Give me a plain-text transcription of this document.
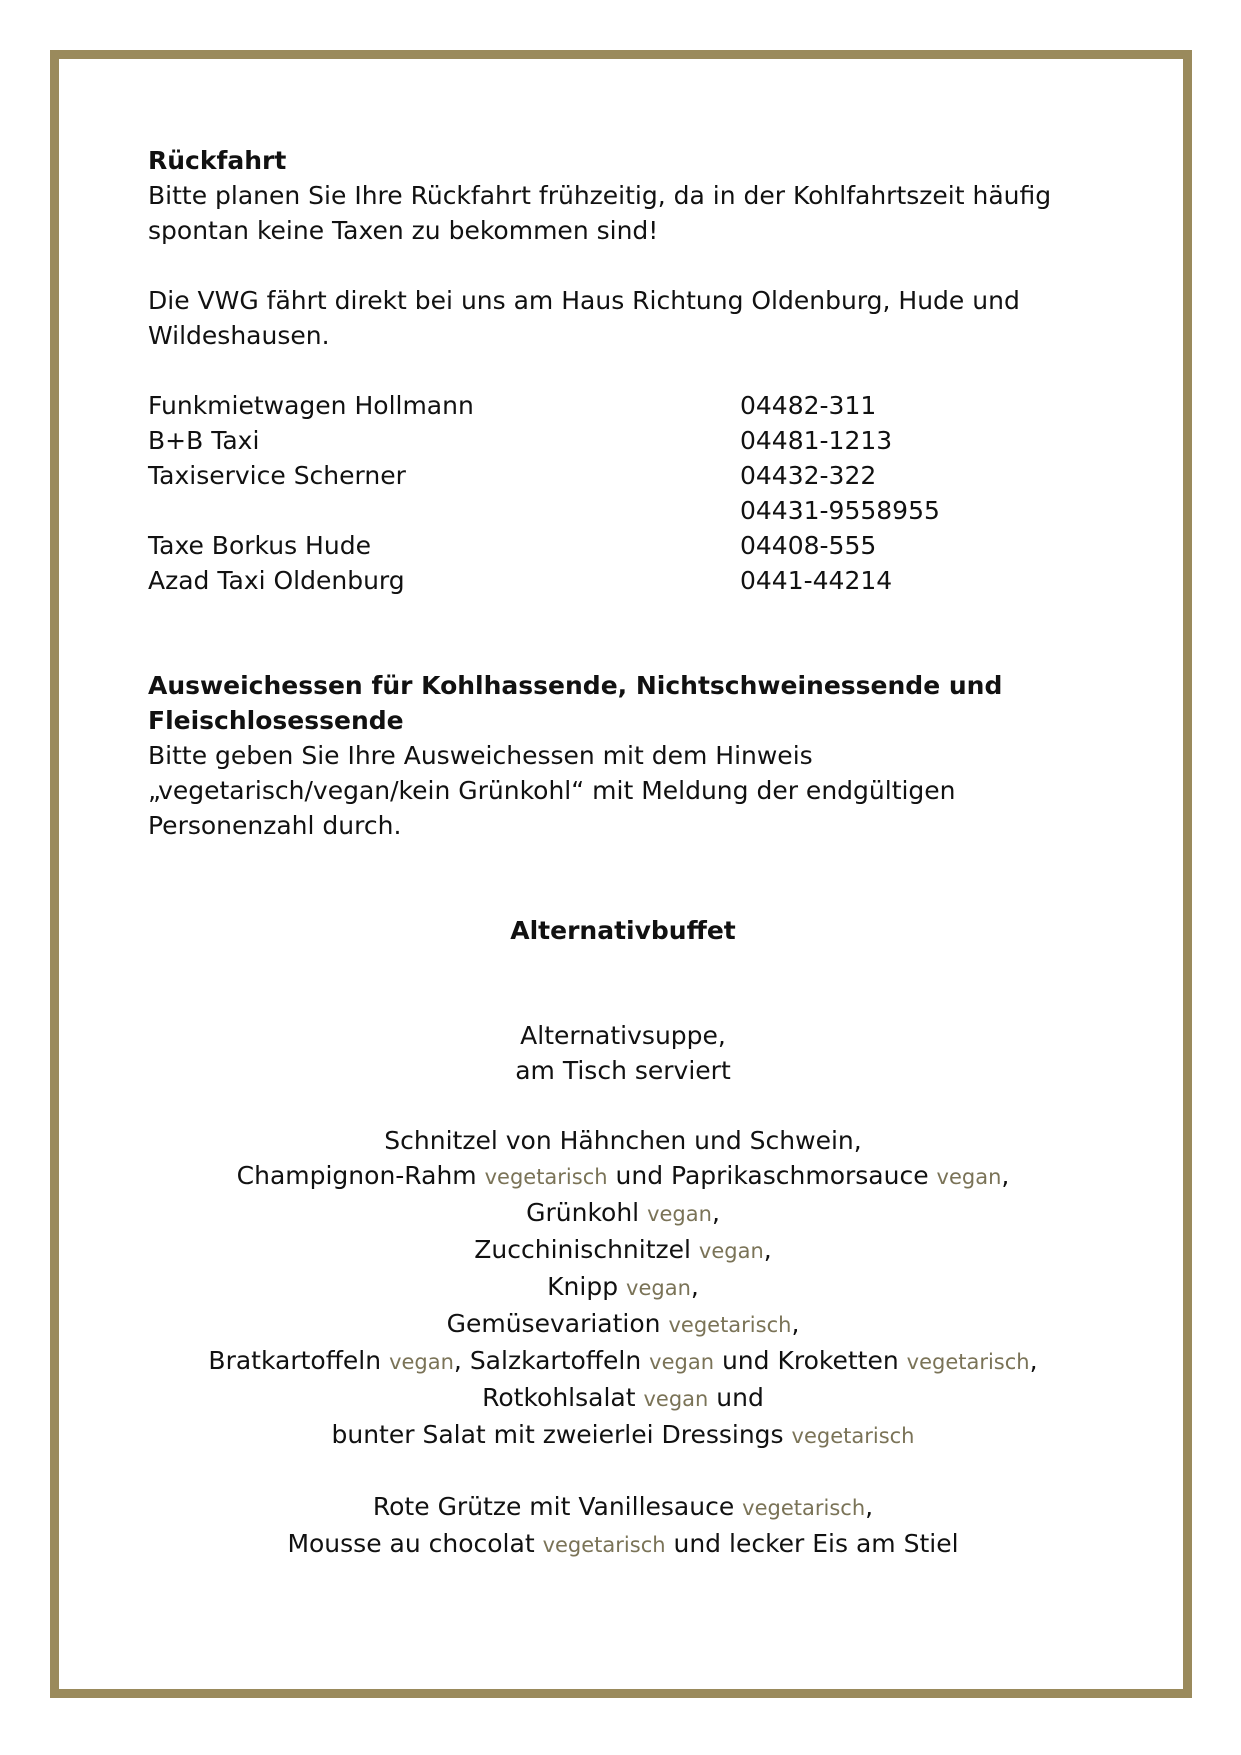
Rückfahrt

Bitte planen Sie Ihre Rückfahrt frühzeitig, da in der Kohlfahrtszeit häufig

spontan keine Taxen zu bekommen sind!

Die VWG fährt direkt bei uns am Haus Richtung Oldenburg, Hude und

Wildeshausen.

Funkmietwagen Hollmann	04482-311
B+B Taxi	04481-1213
Taxiservice Scherner	04432-322
04431-9558955
Taxe Borkus Hude	04408-555
Azad Taxi Oldenburg	0441-44214

Ausweichessen für Kohlhassende, Nichtschweinessende und

Fleischlosessende

Bitte geben Sie Ihre Ausweichessen mit dem Hinweis

„vegetarisch/vegan/kein Grünkohl“ mit Meldung der endgültigen

Personenzahl durch.

Alternativbuffet

Alternativsuppe,

am Tisch serviert

Schnitzel von Hähnchen und Schwein,

Champignon-Rahm vegetarisch und Paprikaschmorsauce vegan,

Grünkohl vegan,

Zucchinischnitzel vegan,

Knipp vegan,

Gemüsevariation vegetarisch,

Bratkartoffeln vegan, Salzkartoffeln vegan und Kroketten vegetarisch,

Rotkohlsalat vegan und

bunter Salat mit zweierlei Dressings vegetarisch

Rote Grütze mit Vanillesauce vegetarisch,

Mousse au chocolat vegetarisch und lecker Eis am Stiel
